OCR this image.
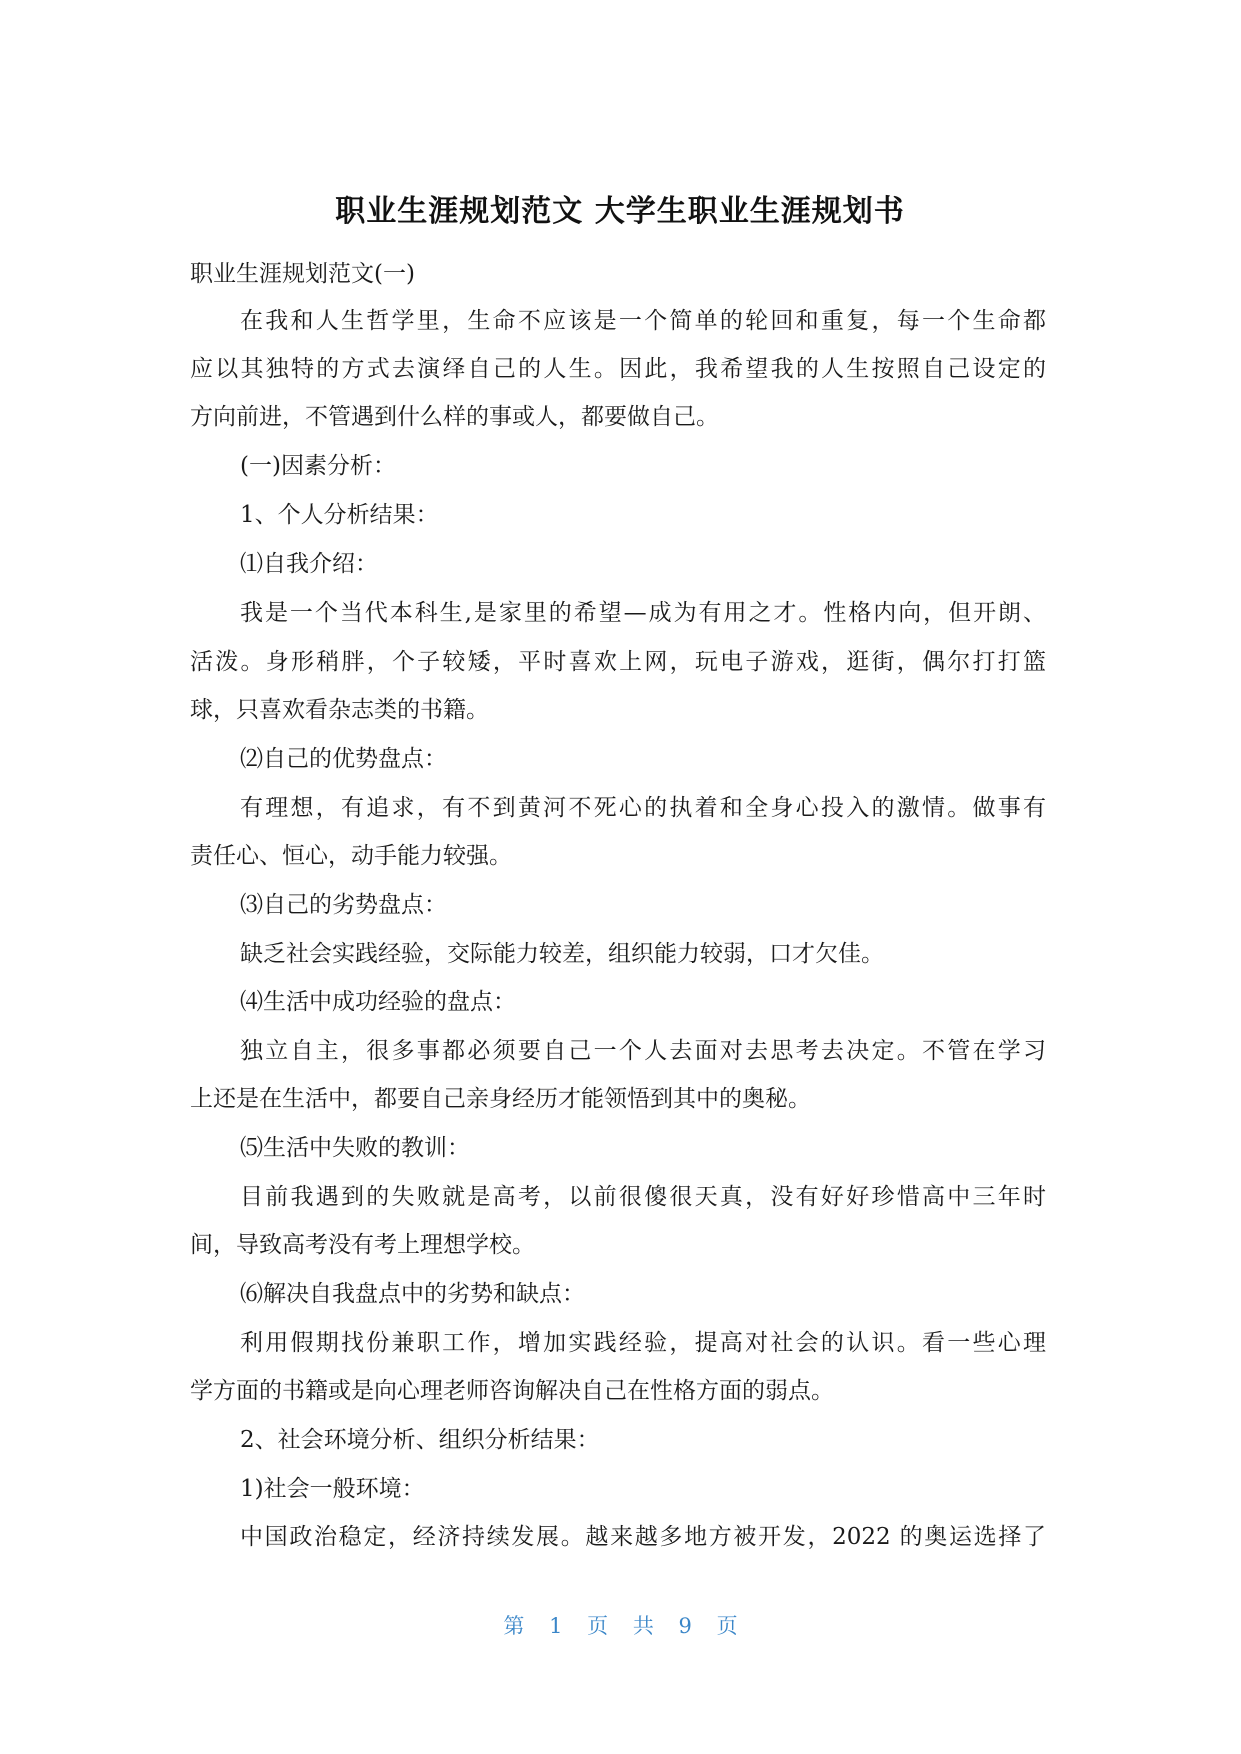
职业生涯规划范文 大学生职业生涯规划书

职业生涯规划范文(一)

在我和人生哲学里，生命不应该是一个简单的轮回和重复，每一个生命都

应以其独特的方式去演绎自己的人生。因此，我希望我的人生按照自己设定的

方向前进，不管遇到什么样的事或人，都要做自己。

(一)因素分析：

1、个人分析结果：

⑴自我介绍：

我是一个当代本科生,是家里的希望—成为有用之才。性格内向，但开朗、

活泼。身形稍胖，个子较矮，平时喜欢上网，玩电子游戏，逛街，偶尔打打篮

球，只喜欢看杂志类的书籍。

⑵自己的优势盘点：

有理想，有追求，有不到黄河不死心的执着和全身心投入的激情。做事有

责任心、恒心，动手能力较强。

⑶自己的劣势盘点：

缺乏社会实践经验，交际能力较差，组织能力较弱，口才欠佳。

⑷生活中成功经验的盘点：

独立自主，很多事都必须要自己一个人去面对去思考去决定。不管在学习

上还是在生活中，都要自己亲身经历才能领悟到其中的奥秘。

⑸生活中失败的教训：

目前我遇到的失败就是高考，以前很傻很天真，没有好好珍惜高中三年时

间，导致高考没有考上理想学校。

⑹解决自我盘点中的劣势和缺点：

利用假期找份兼职工作，增加实践经验，提高对社会的认识。看一些心理

学方面的书籍或是向心理老师咨询解决自己在性格方面的弱点。

2、社会环境分析、组织分析结果：

1)社会一般环境：

中国政治稳定，经济持续发展。越来越多地方被开发，2022 的奥运选择了

第 1 页 共 9 页
